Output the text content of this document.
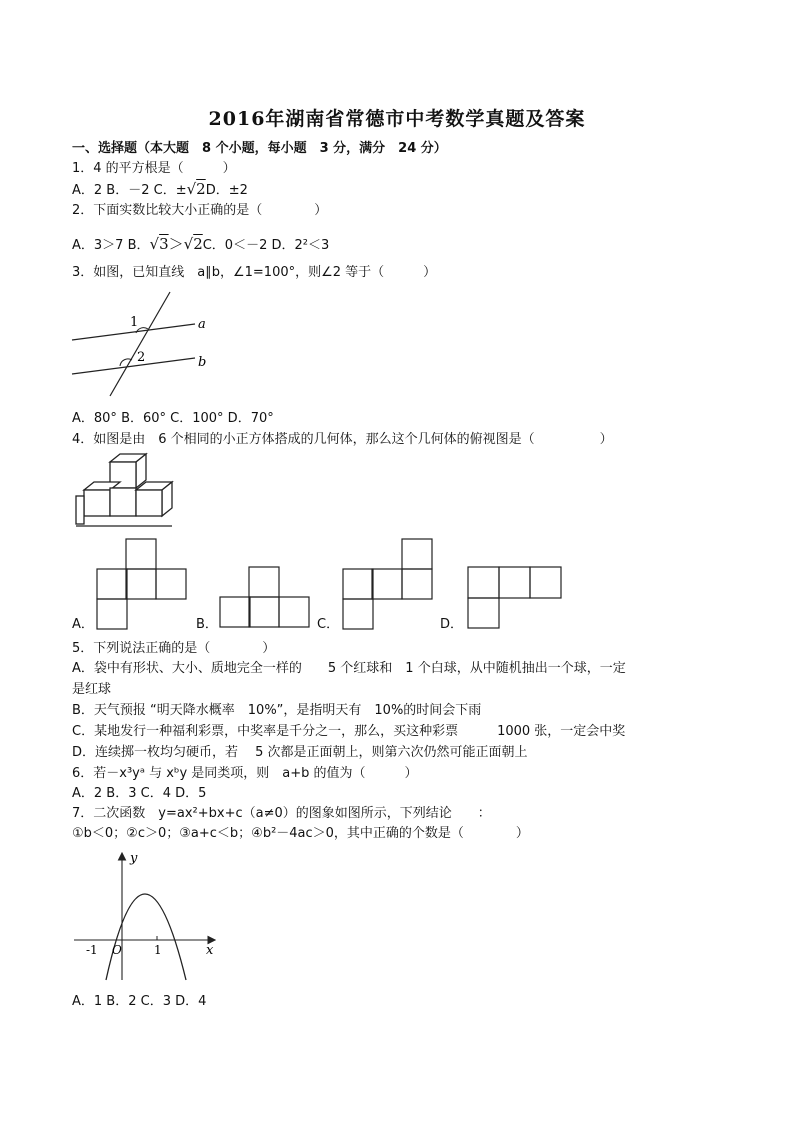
2016年湖南省常德市中考数学真题及答案
一、选择题（本大题　8 个小题，每小题　3 分，满分　24 分）
1．4 的平方根是（　　　）
A．2 B．－2 C．±√2D．±2
2．下面实数比较大小正确的是（　　　　）
A．3＞7 B．√3＞√2C．0＜－2 D．2²＜3
3．如图，已知直线　a∥b，∠1=100°，则∠2 等于（　　　）
1
2
a
b
A．80° B．60° C．100° D．70°
4．如图是由　6 个相同的小正方体搭成的几何体，那么这个几何体的俯视图是（　　　　　）
A．	B．	C．	D．
5．下列说法正确的是（　　　　）
A．袋中有形状、大小、质地完全一样的　　5 个红球和　1 个白球，从中随机抽出一个球，一定
是红球
B．天气预报 “明天降水概率　10%”，是指明天有　10%的时间会下雨
C．某地发行一种福利彩票，中奖率是千分之一，那么，买这种彩票　　　1000 张，一定会中奖
D．连续掷一枚均匀硬币，若　 5 次都是正面朝上，则第六次仍然可能正面朝上
6．若－x³yᵃ 与 xᵇy 是同类项，则　a+b 的值为（　　　）
A．2 B．3 C．4 D．5
7．二次函数　y=ax²+bx+c（a≠0）的图象如图所示，下列结论　　：
①b＜0；②c＞0；③a+c＜b；④b²－4ac＞0，其中正确的个数是（　　　　）
y
x
-1 O	1
A．1 B．2 C．3 D．4
